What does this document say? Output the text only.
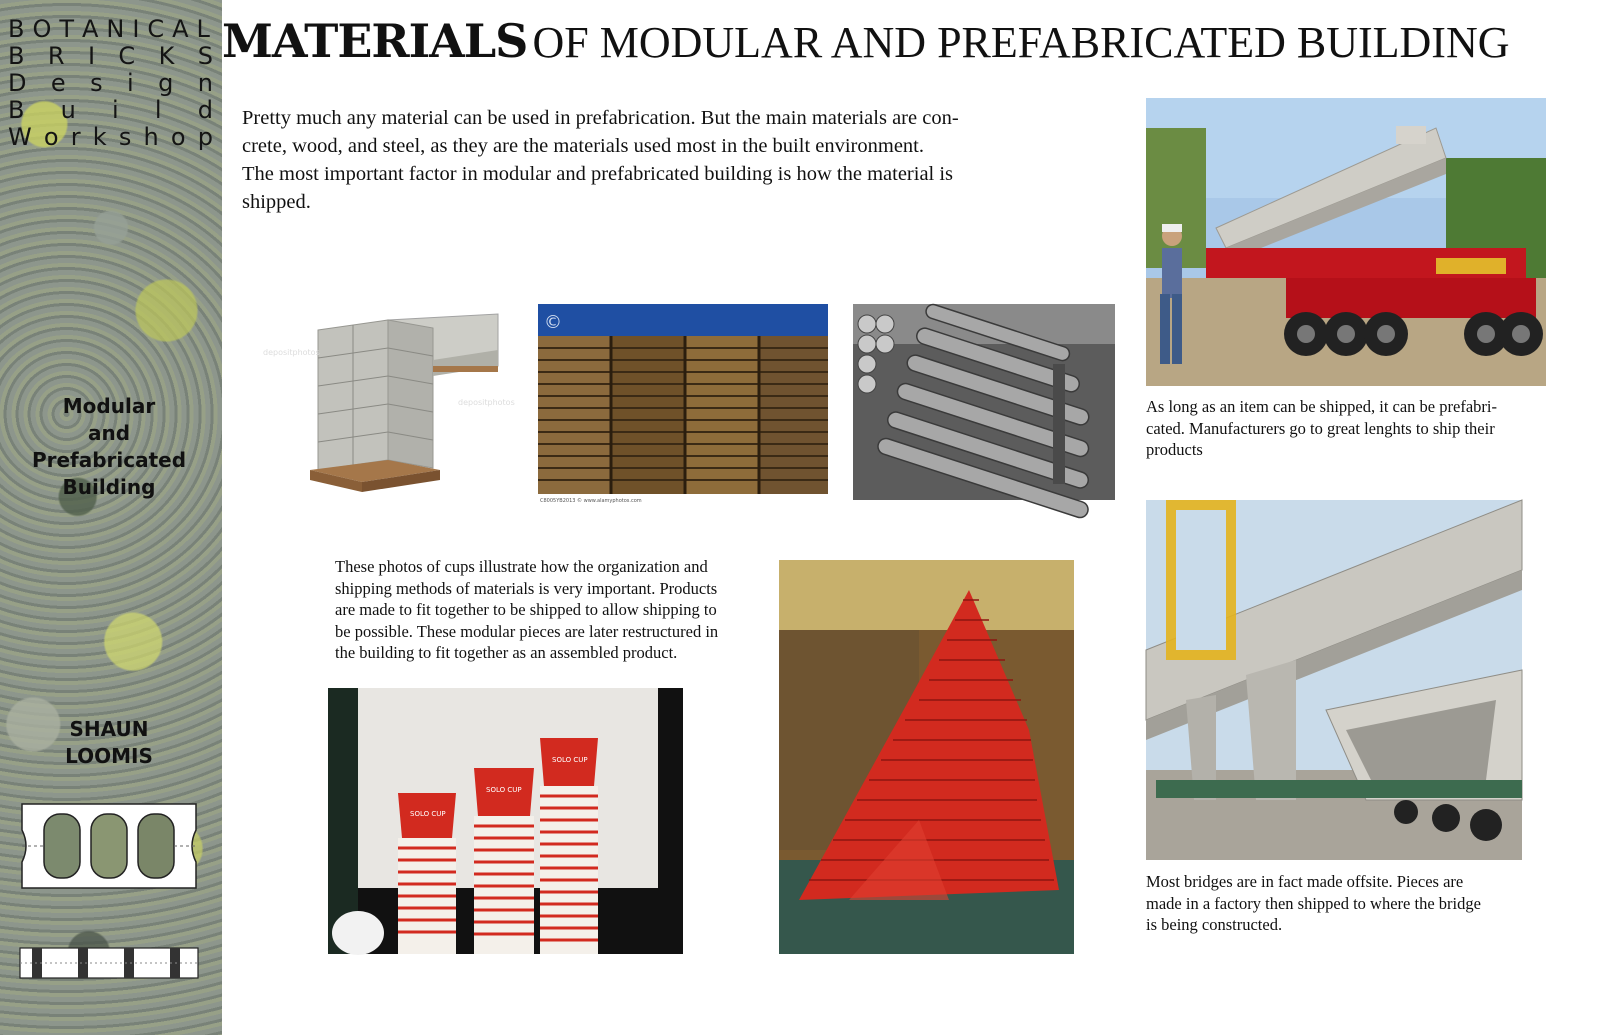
B O T A N I C A L
B R I C K S
D e s i g n
B u i l d
W o r k s h o p
Modular
and
Prefabricated
Building
SHAUN
LOOMIS
MATERIALS OF MODULAR AND PREFABRICATED BUILDING
Pretty much any material can be used in prefabrication. But the main materials are con-
crete, wood, and steel, as they are the materials used most in the built environment.
The most important factor in modular and prefabricated building is how the material is
shipped.
depositphotos
depositphotos
©
C8005YB2013 © www.alamyphotos.com
As long as an item can be shipped, it can be prefabri-
cated. Manufacturers go to great lenghts to ship their
products
Most bridges are in fact made offsite. Pieces are
made in a factory then shipped to where the bridge
is being constructed.
These photos of cups illustrate how the organization and
shipping methods of materials is very important. Products
are made to fit together to be shipped to allow shipping to
be possible. These modular pieces are later restructured in
the building to fit together as an assembled product.
SOLO CUP
SOLO CUP
SOLO CUP
